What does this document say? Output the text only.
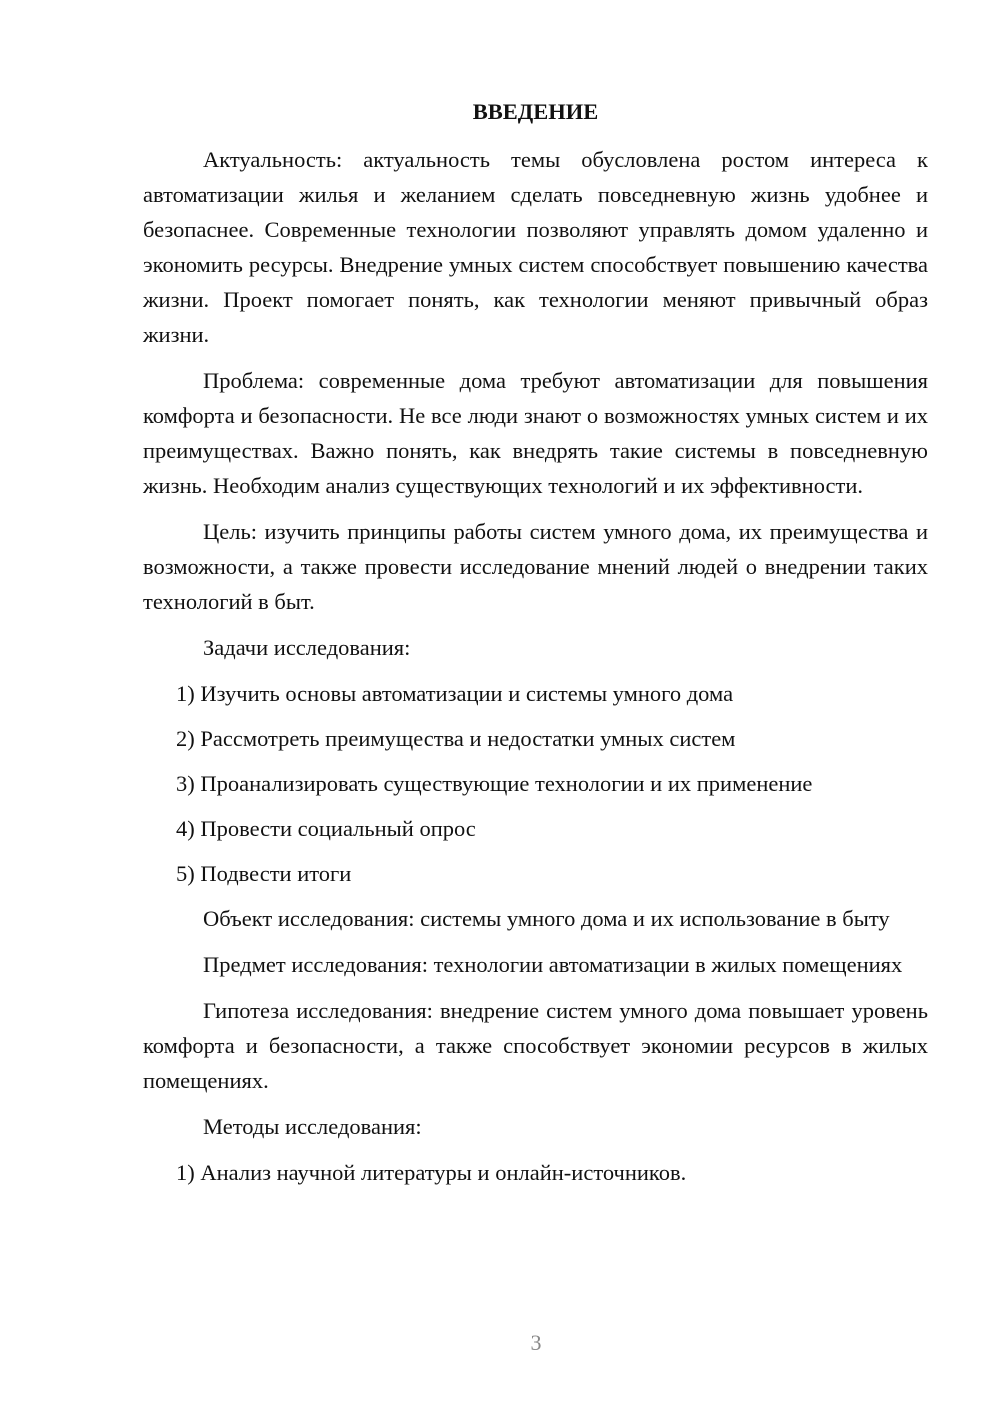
ВВЕДЕНИЕ

Актуальность: актуальность темы обусловлена ростом интереса к автоматизации жилья и желанием сделать повседневную жизнь удобнее и безопаснее. Современные технологии позволяют управлять домом удаленно и экономить ресурсы. Внедрение умных систем способствует повышению качества жизни. Проект помогает понять, как технологии меняют привычный образ жизни.

Проблема: современные дома требуют автоматизации для повышения комфорта и безопасности. Не все люди знают о возможностях умных систем и их преимуществах. Важно понять, как внедрять такие системы в повседневную жизнь. Необходим анализ существующих технологий и их эффективности.

Цель: изучить принципы работы систем умного дома, их преимущества и возможности, а также провести исследование мнений людей о внедрении таких технологий в быт.

Задачи исследования:

1) Изучить основы автоматизации и системы умного дома
2) Рассмотреть преимущества и недостатки умных систем
3) Проанализировать существующие технологии и их применение
4) Провести социальный опрос
5) Подвести итоги

Объект исследования: системы умного дома и их использование в быту

Предмет исследования: технологии автоматизации в жилых помещениях

Гипотеза исследования: внедрение систем умного дома повышает уровень комфорта и безопасности, а также способствует экономии ресурсов в жилых помещениях.

Методы исследования:

1) Анализ научной литературы и онлайн-источников.
3
